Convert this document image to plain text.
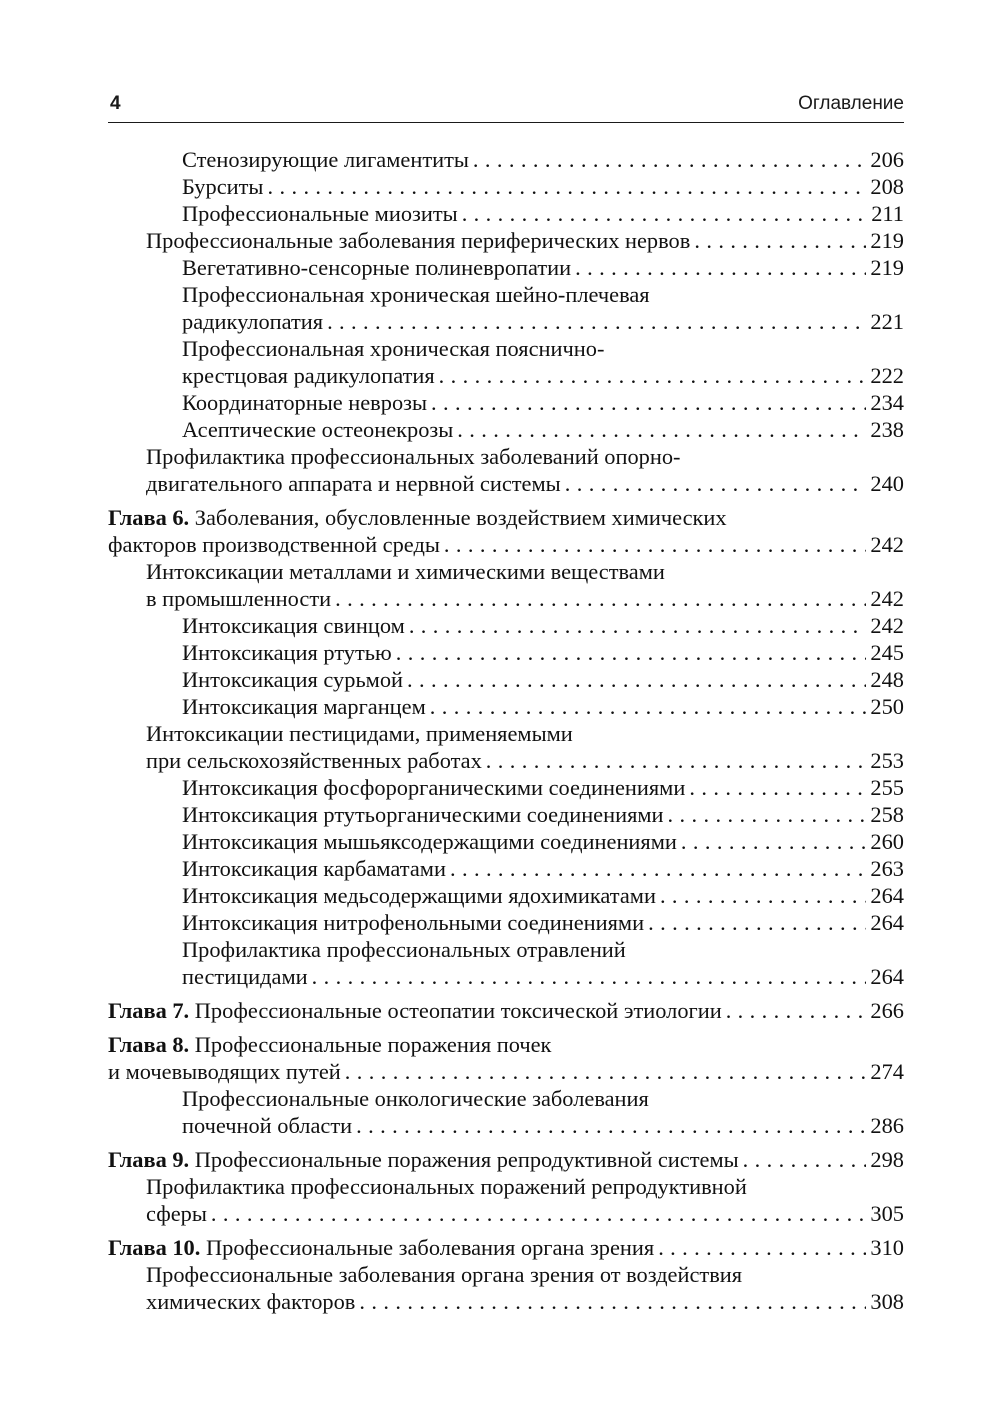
4	Оглавление
Стенозирующие лигаментиты . . .	206
Бурситы . . .	208
Профессиональные миозиты . . .	211
Профессиональные заболевания периферических нервов . . .	219
Вегетативно-сенсорные полиневропатии . . .	219
Профессиональная хроническая шейно-плечевая
радикулопатия . . .	221
Профессиональная хроническая пояснично-
крестцовая радикулопатия . . .	222
Координаторные неврозы . . .	234
Асептические остеонекрозы . . .	238
Профилактика профессиональных заболеваний опорно-
двигательного аппарата и нервной системы . . .	240
Глава 6. Заболевания, обусловленные воздействием химических
факторов производственной среды . . .	242
Интоксикации металлами и химическими веществами
в промышленности . . .	242
Интоксикация свинцом . . .	242
Интоксикация ртутью . . .	245
Интоксикация сурьмой . . .	248
Интоксикация марганцем . . .	250
Интоксикации пестицидами, применяемыми
при сельскохозяйственных работах . . .	253
Интоксикация фосфорорганическими соединениями . . .	255
Интоксикация ртутьорганическими соединениями . . .	258
Интоксикация мышьяксодержащими соединениями . . .	260
Интоксикация карбаматами . . .	263
Интоксикация медьсодержащими ядохимикатами . . .	264
Интоксикация нитрофенольными соединениями . . .	264
Профилактика профессиональных отравлений
пестицидами . . .	264
Глава 7. Профессиональные остеопатии токсической этиологии . . .	266
Глава 8. Профессиональные поражения почек
и мочевыводящих путей . . .	274
Профессиональные онкологические заболевания
почечной области . . .	286
Глава 9. Профессиональные поражения репродуктивной системы . . .	298
Профилактика профессиональных поражений репродуктивной
сферы . . .	305
Глава 10. Профессиональные заболевания органа зрения . . .	310
Профессиональные заболевания органа зрения от воздействия
химических факторов . . .	308
